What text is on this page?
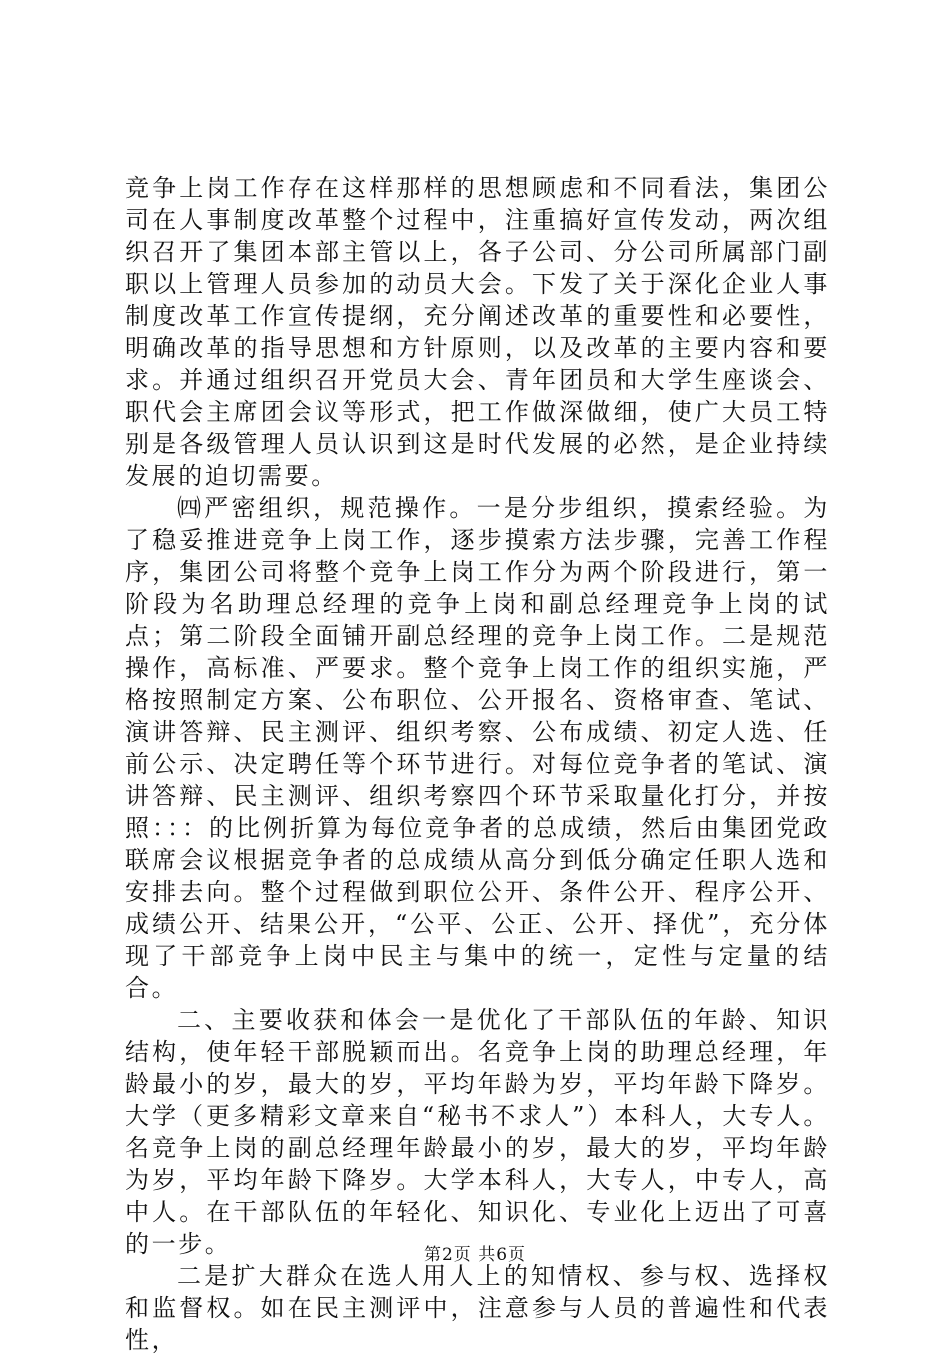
竞争上岗工作存在这样那样的思想顾虑和不同看法，集团公司在人事制度改革整个过程中，注重搞好宣传发动，两次组织召开了集团本部主管以上，各子公司、分公司所属部门副职以上管理人员参加的动员大会。下发了关于深化企业人事制度改革工作宣传提纲，充分阐述改革的重要性和必要性，明确改革的指导思想和方针原则，以及改革的主要内容和要求。并通过组织召开党员大会、青年团员和大学生座谈会、职代会主席团会议等形式，把工作做深做细，使广大员工特别是各级管理人员认识到这是时代发展的必然，是企业持续发展的迫切需要。

㈣严密组织，规范操作。一是分步组织，摸索经验。为了稳妥推进竞争上岗工作，逐步摸索方法步骤，完善工作程序，集团公司将整个竞争上岗工作分为两个阶段进行，第一阶段为名助理总经理的竞争上岗和副总经理竞争上岗的试点；第二阶段全面铺开副总经理的竞争上岗工作。二是规范操作，高标准、严要求。整个竞争上岗工作的组织实施，严格按照制定方案、公布职位、公开报名、资格审查、笔试、演讲答辩、民主测评、组织考察、公布成绩、初定人选、任前公示、决定聘任等个环节进行。对每位竞争者的笔试、演讲答辩、民主测评、组织考察四个环节采取量化打分，并按照：：：的比例折算为每位竞争者的总成绩，然后由集团党政联席会议根据竞争者的总成绩从高分到低分确定任职人选和安排去向。整个过程做到职位公开、条件公开、程序公开、成绩公开、结果公开，“公平、公正、公开、择优”，充分体现了干部竞争上岗中民主与集中的统一，定性与定量的结合。

二、主要收获和体会一是优化了干部队伍的年龄、知识结构，使年轻干部脱颖而出。名竞争上岗的助理总经理，年龄最小的岁，最大的岁，平均年龄为岁，平均年龄下降岁。大学（更多精彩文章来自“秘书不求人”）本科人，大专人。名竞争上岗的副总经理年龄最小的岁，最大的岁，平均年龄为岁，平均年龄下降岁。大学本科人，大专人，中专人，高中人。在干部队伍的年轻化、知识化、专业化上迈出了可喜的一步。

二是扩大群众在选人用人上的知情权、参与权、选择权和监督权。如在民主测评中，注意参与人员的普遍性和代表性，

第2页 共6页
